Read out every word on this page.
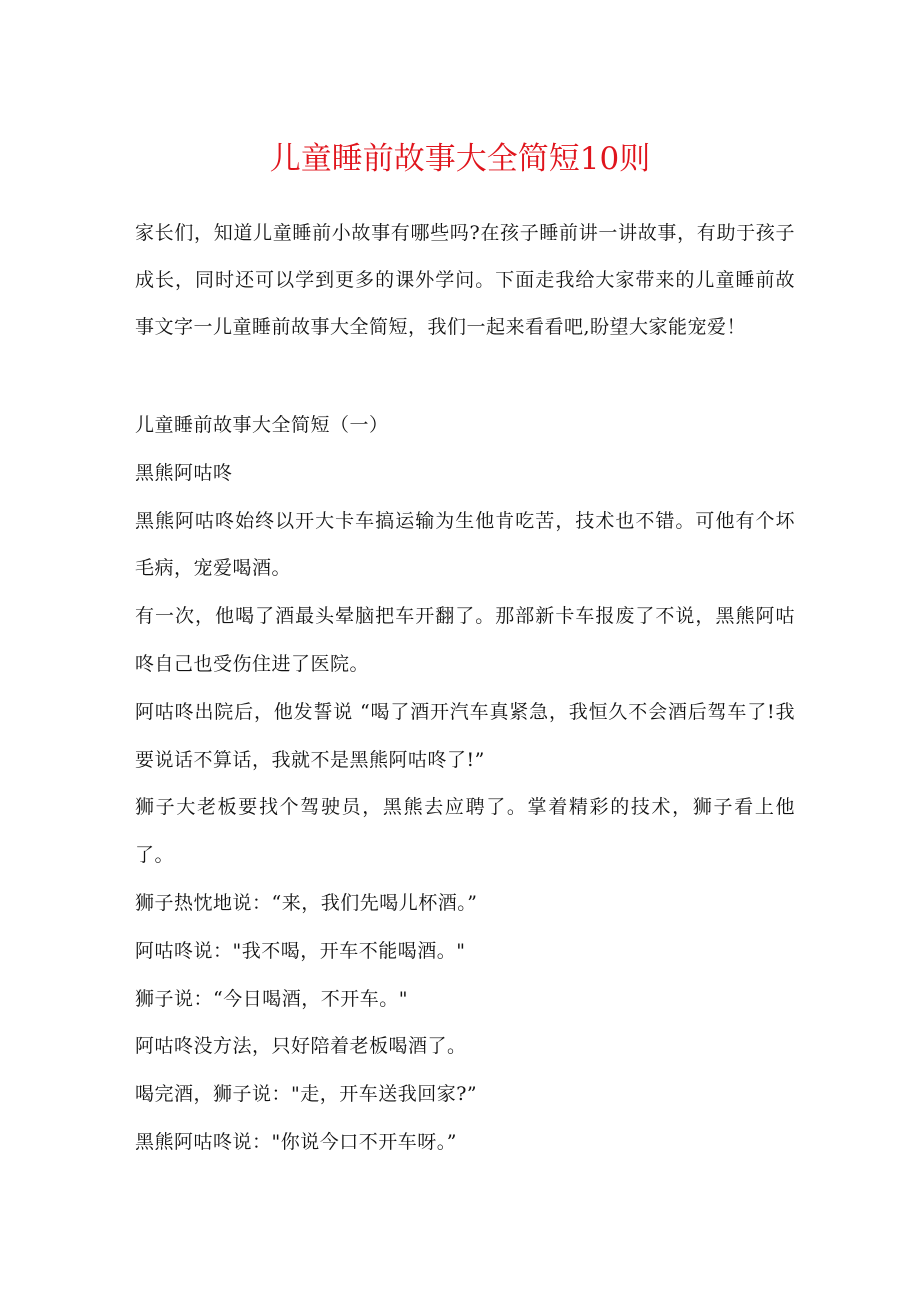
儿童睡前故事大全简短10则

家长们，知道儿童睡前小故事有哪些吗?在孩子睡前讲一讲故事，有助于孩子成长，同时还可以学到更多的课外学问。下面走我给大家带来的儿童睡前故事文字一儿童睡前故事大全简短，我们一起来看看吧,盼望大家能宠爱！

儿童睡前故事大全简短（一）

黑熊阿咕咚

黑熊阿咕咚始终以开大卡车搞运输为生他肯吃苦，技术也不错。可他有个坏毛病，宠爱喝酒。

有一次，他喝了酒最头晕脑把车开翻了。那部新卡车报废了不说，黑熊阿咕咚自己也受伤住进了医院。

阿咕咚出院后，他发誓说 “喝了酒开汽车真紧急，我恒久不会酒后驾车了!我要说话不算话，我就不是黑熊阿咕咚了!”

狮子大老板要找个驾驶员，黑熊去应聘了。掌着精彩的技术，狮子看上他了。

狮子热忱地说：“来，我们先喝儿杯酒。”

阿咕咚说："我不喝，开车不能喝酒。"

狮子说：“今日喝酒，不开车。"

阿咕咚没方法，只好陪着老板喝酒了。

喝完酒，狮子说："走，开车送我回家?”

黑熊阿咕咚说："你说今口不开车呀。”
